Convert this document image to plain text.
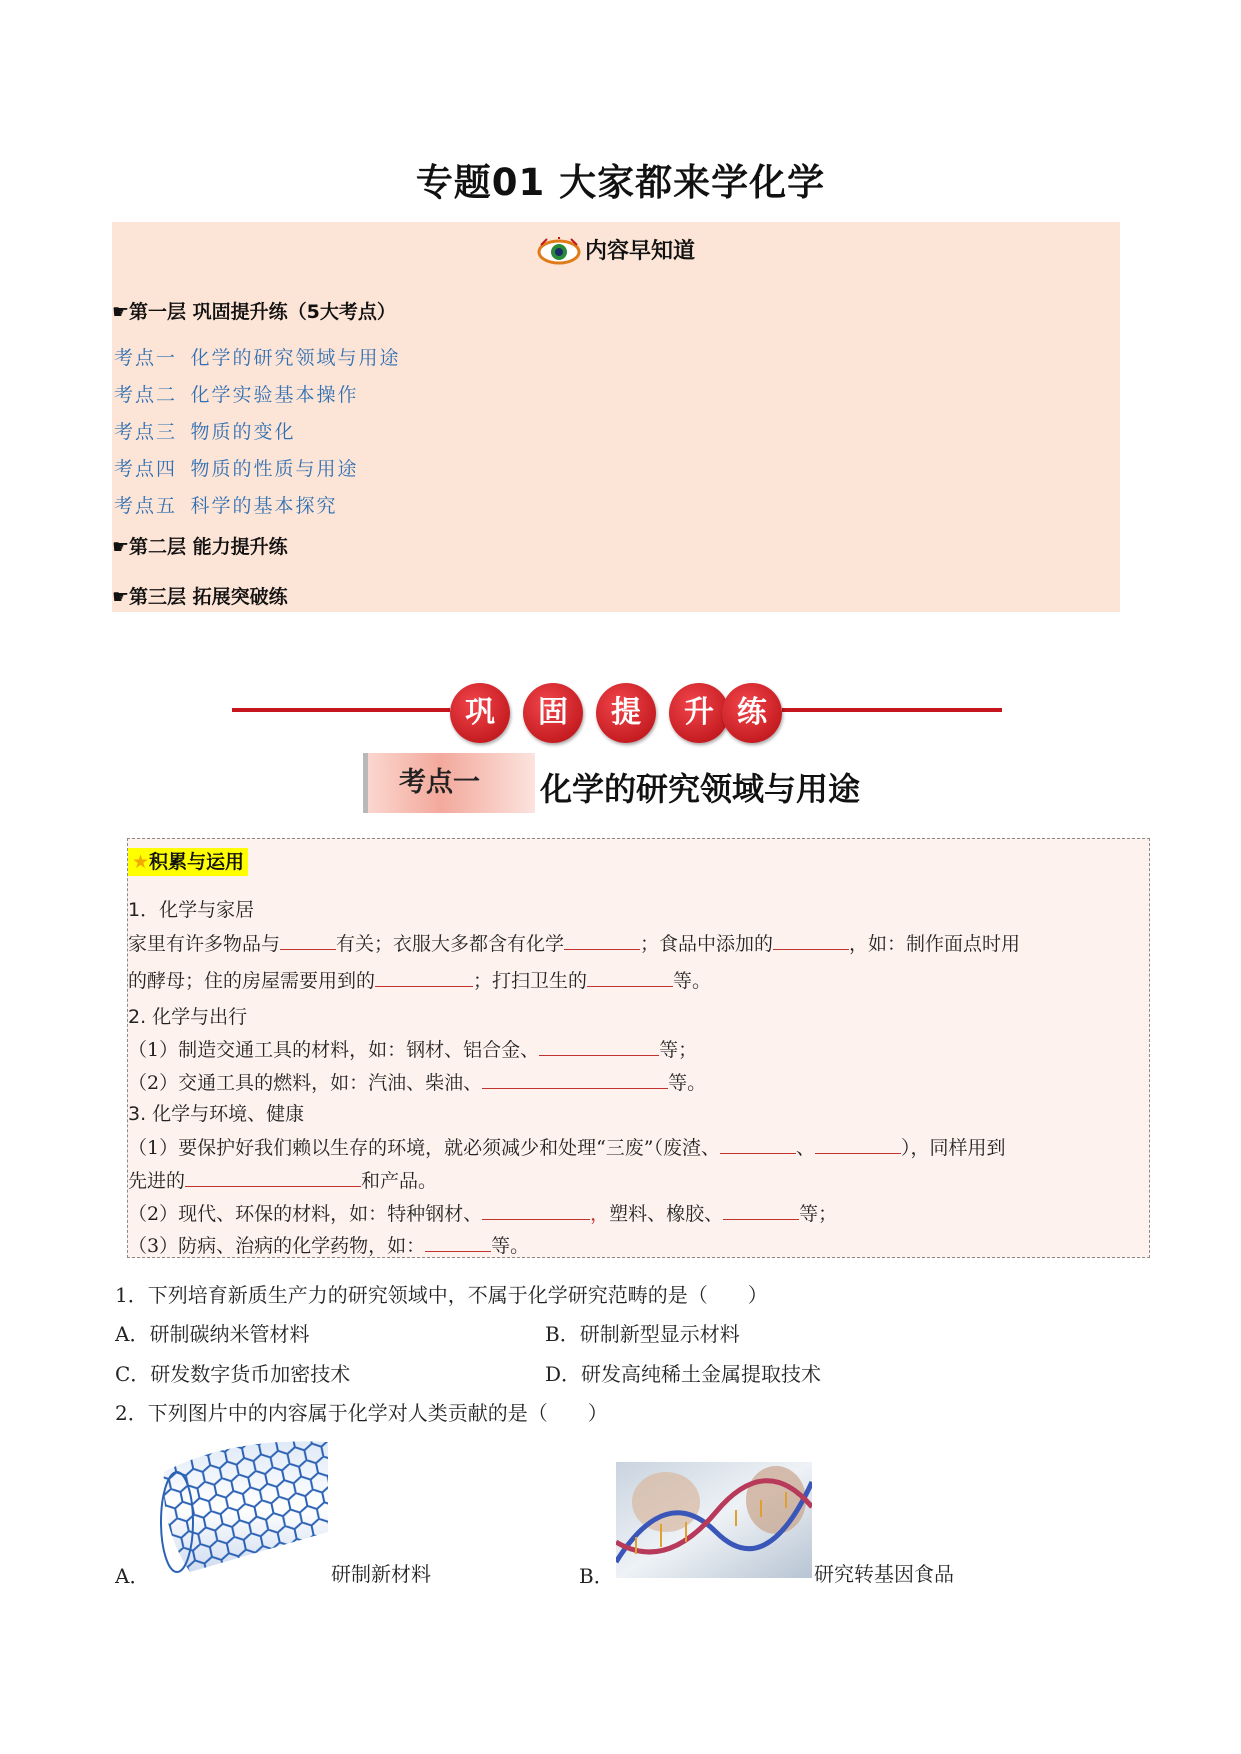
专题01 大家都来学化学
内容早知道
☛第一层 巩固提升练（5大考点）
考点一 化学的研究领域与用途
考点二 化学实验基本操作
考点三 物质的变化
考点四 物质的性质与用途
考点五 科学的基本探究
☛第二层 能力提升练
☛第三层 拓展突破练
巩	固	提	升 练
考点一	化学的研究领域与用途
★积累与运用
1．化学与家居
家里有许多物品与	有关；衣服大多都含有化学	；食品中添加的	，如：制作面点时用
的酵母；住的房屋需要用到的	；打扫卫生的	等。
2. 化学与出行
（1）制造交通工具的材料，如：钢材、铝合金、	等；
（2）交通工具的燃料，如：汽油、柴油、	等。
3. 化学与环境、健康
（1）要保护好我们赖以生存的环境，就必须减少和处理“三废”（废渣、	、	），同样用到
先进的	和产品。
（2）现代、环保的材料，如：特种钢材、	，塑料、橡胶、	等；
（3）防病、治病的化学药物，如：	等。
1．下列培育新质生产力的研究领域中，不属于化学研究范畴的是（　　）
A．研制碳纳米管材料	B．研制新型显示材料
C．研发数字货币加密技术	D．研发高纯稀土金属提取技术
2．下列图片中的内容属于化学对人类贡献的是（　　）
A．	研制新材料	B．	研究转基因食品
